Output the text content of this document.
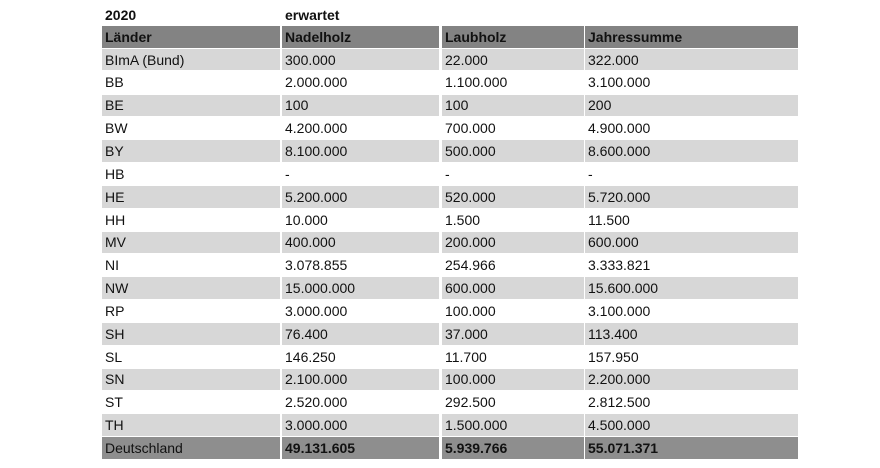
2020	erwartet
Länder	Nadelholz	Laubholz	Jahressumme
BImA (Bund)	300.000	22.000	322.000
BB	2.000.000	1.100.000	3.100.000
BE	100	100	200
BW	4.200.000	700.000	4.900.000
BY	8.100.000	500.000	8.600.000
HB	-	-	-
HE	5.200.000	520.000	5.720.000
HH	10.000	1.500	11.500
MV	400.000	200.000	600.000
NI	3.078.855	254.966	3.333.821
NW	15.000.000	600.000	15.600.000
RP	3.000.000	100.000	3.100.000
SH	76.400	37.000	113.400
SL	146.250	11.700	157.950
SN	2.100.000	100.000	2.200.000
ST	2.520.000	292.500	2.812.500
TH	3.000.000	1.500.000	4.500.000
Deutschland	49.131.605	5.939.766	55.071.371
